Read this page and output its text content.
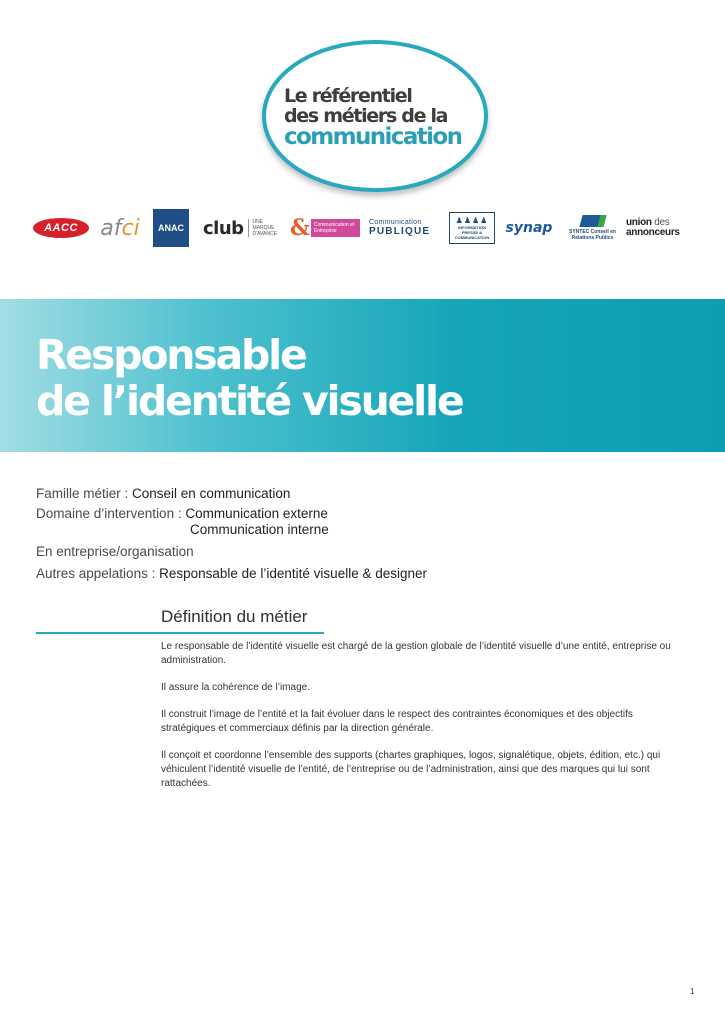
Le référentiel
des métiers de la
communication
AACC af ci ANAC club	UNE MARQUE D'AVANCE & Communication et Entreprise
Communication
PUBLIQUE
♟♟♟♟
INFORMATION PRESSE & COMMUNICATION
synap	SYNTEC Conseil en Relations Publics
union des
annonceurs
Responsable
de l’identité visuelle
Famille métier : Conseil en communication
Domaine d’intervention : Communication externe
Communication interne
En entreprise/organisation
Autres appelations : Responsable de l’identité visuelle & designer
Définition du métier

Le responsable de l’identité visuelle est chargé de la gestion globale de l’identité visuelle d’une entité, entreprise ou administration.

Il assure la cohérence de l’image.

Il construit l’image de l’entité et la fait évoluer dans le respect des contraintes économiques et des objectifs stratégiques et commerciaux définis par la direction générale.

Il conçoit et coordonne l’ensemble des supports (chartes graphiques, logos, signalétique, objets, édition, etc.) qui véhiculent l’identité visuelle de l’entité, de l’entreprise ou de l’administration, ainsi que des marques qui lui sont rattachées.

1
